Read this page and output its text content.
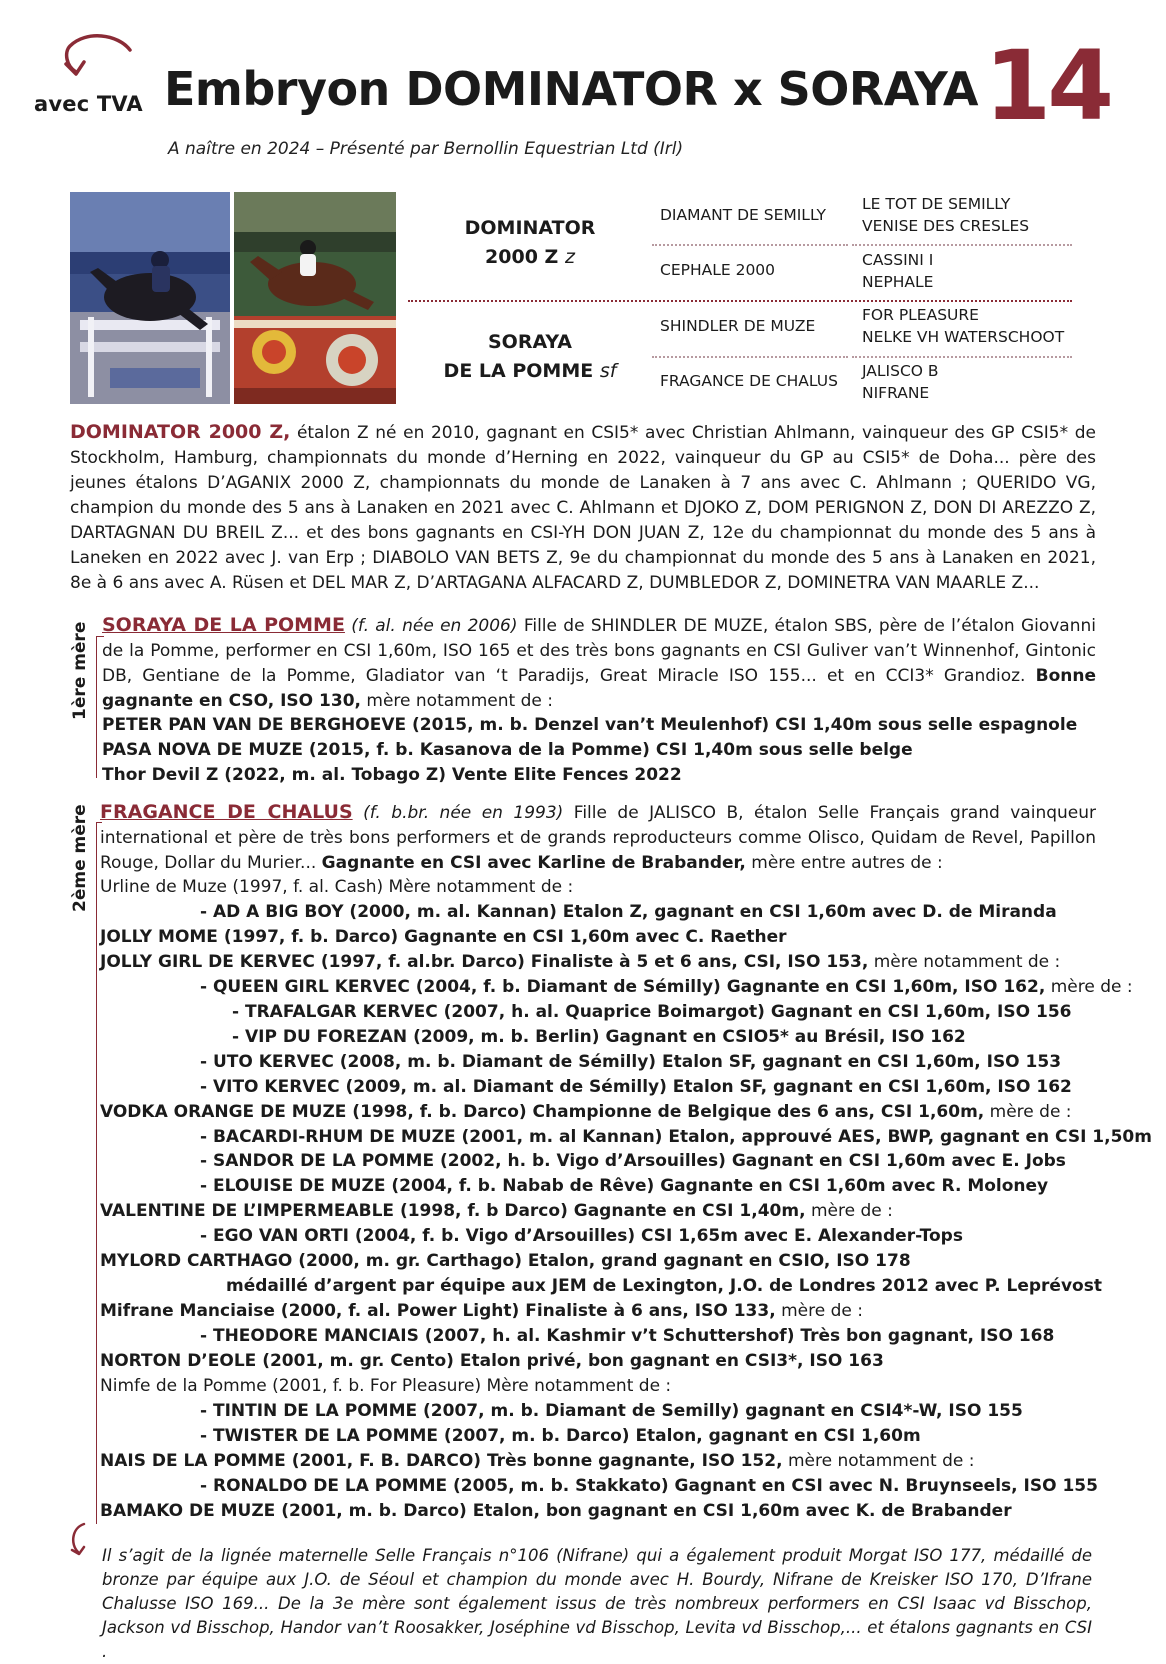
avec TVA Embryon DOMINATOR x SORAYA 14
A naître en 2024 – Présenté par Bernollin Equestrian Ltd (Irl)
DOMINATOR
2000 Z z
SORAYA
DE LA POMME sf
DIAMANT DE SEMILLY
CEPHALE 2000
SHINDLER DE MUZE
FRAGANCE DE CHALUS
LE TOT DE SEMILLY
VENISE DES CRESLES
CASSINI I
NEPHALE
FOR PLEASURE
NELKE VH WATERSCHOOT
JALISCO B
NIFRANE
DOMINATOR 2000 Z, étalon Z né en 2010, gagnant en CSI5* avec Christian Ahlmann, vainqueur des GP CSI5* de Stockholm, Hamburg, championnats du monde d’Herning en 2022, vainqueur du GP au CSI5* de Doha... père des jeunes étalons D’AGANIX 2000 Z, championnats du monde de Lanaken à 7 ans avec C. Ahlmann ; QUERIDO VG, champion du monde des 5 ans à Lanaken en 2021 avec C. Ahlmann et DJOKO Z, DOM PERIGNON Z, DON DI AREZZO Z, DARTAGNAN DU BREIL Z... et des bons gagnants en CSI-YH DON JUAN Z, 12e du championnat du monde des 5 ans à Laneken en 2022 avec J. van Erp ; DIABOLO VAN BETS Z, 9e du championnat du monde des 5 ans à Lanaken en 2021, 8e à 6 ans avec A. Rüsen et DEL MAR Z, D’ARTAGANA ALFACARD Z, DUMBLEDOR Z, DOMINETRA VAN MAARLE Z...
1ère mère SORAYA DE LA POMME (f. al. née en 2006) Fille de SHINDLER DE MUZE, étalon SBS, père de l’étalon Giovanni de la Pomme, performer en CSI 1,60m, ISO 165 et des très bons gagnants en CSI Guliver van’t Winnenhof, Gintonic DB, Gentiane de la Pomme, Gladiator van ‘t Paradijs, Great Miracle ISO 155... et en CCI3* Grandioz. Bonne gagnante en CSO, ISO 130, mère notamment de :
PETER PAN VAN DE BERGHOEVE (2015, m. b. Denzel van’t Meulenhof) CSI 1,40m sous selle espagnole
PASA NOVA DE MUZE (2015, f. b. Kasanova de la Pomme) CSI 1,40m sous selle belge
Thor Devil Z (2022, m. al. Tobago Z) Vente Elite Fences 2022
2ème mère FRAGANCE DE CHALUS (f. b.br. née en 1993) Fille de JALISCO B, étalon Selle Français grand vainqueur international et père de très bons performers et de grands reproducteurs comme Olisco, Quidam de Revel, Papillon Rouge, Dollar du Murier... Gagnante en CSI avec Karline de Brabander, mère entre autres de :
Urline de Muze (1997, f. al. Cash) Mère notamment de :
- AD A BIG BOY (2000, m. al. Kannan) Etalon Z, gagnant en CSI 1,60m avec D. de Miranda
JOLLY MOME (1997, f. b. Darco) Gagnante en CSI 1,60m avec C. Raether
JOLLY GIRL DE KERVEC (1997, f. al.br. Darco) Finaliste à 5 et 6 ans, CSI, ISO 153, mère notamment de :
- QUEEN GIRL KERVEC (2004, f. b. Diamant de Sémilly) Gagnante en CSI 1,60m, ISO 162, mère de :
- TRAFALGAR KERVEC (2007, h. al. Quaprice Boimargot) Gagnant en CSI 1,60m, ISO 156
- VIP DU FOREZAN (2009, m. b. Berlin) Gagnant en CSIO5* au Brésil, ISO 162
- UTO KERVEC (2008, m. b. Diamant de Sémilly) Etalon SF, gagnant en CSI 1,60m, ISO 153
- VITO KERVEC (2009, m. al. Diamant de Sémilly) Etalon SF, gagnant en CSI 1,60m, ISO 162
VODKA ORANGE DE MUZE (1998, f. b. Darco) Championne de Belgique des 6 ans, CSI 1,60m, mère de :
- BACARDI-RHUM DE MUZE (2001, m. al Kannan) Etalon, approuvé AES, BWP, gagnant en CSI 1,50m
- SANDOR DE LA POMME (2002, h. b. Vigo d’Arsouilles) Gagnant en CSI 1,60m avec E. Jobs
- ELOUISE DE MUZE (2004, f. b. Nabab de Rêve) Gagnante en CSI 1,60m avec R. Moloney
VALENTINE DE L’IMPERMEABLE (1998, f. b Darco) Gagnante en CSI 1,40m, mère de :
- EGO VAN ORTI (2004, f. b. Vigo d’Arsouilles) CSI 1,65m avec E. Alexander-Tops
MYLORD CARTHAGO (2000, m. gr. Carthago) Etalon, grand gagnant en CSIO, ISO 178
médaillé d’argent par équipe aux JEM de Lexington, J.O. de Londres 2012 avec P. Leprévost
Mifrane Manciaise (2000, f. al. Power Light) Finaliste à 6 ans, ISO 133, mère de :
- THEODORE MANCIAIS (2007, h. al. Kashmir v’t Schuttershof) Très bon gagnant, ISO 168
NORTON D’EOLE (2001, m. gr. Cento) Etalon privé, bon gagnant en CSI3*, ISO 163
Nimfe de la Pomme (2001, f. b. For Pleasure) Mère notamment de :
- TINTIN DE LA POMME (2007, m. b. Diamant de Semilly) gagnant en CSI4*-W, ISO 155
- TWISTER DE LA POMME (2007, m. b. Darco) Etalon, gagnant en CSI 1,60m
NAIS DE LA POMME (2001, F. B. DARCO) Très bonne gagnante, ISO 152, mère notamment de :
- RONALDO DE LA POMME (2005, m. b. Stakkato) Gagnant en CSI avec N. Bruynseels, ISO 155
BAMAKO DE MUZE (2001, m. b. Darco) Etalon, bon gagnant en CSI 1,60m avec K. de Brabander
Il s’agit de la lignée maternelle Selle Français n°106 (Nifrane) qui a également produit Morgat ISO 177, médaillé de bronze par équipe aux J.O. de Séoul et champion du monde avec H. Bourdy, Nifrane de Kreisker ISO 170, D’Ifrane Chalusse ISO 169... De la 3e mère sont également issus de très nombreux performers en CSI Isaac vd Bisschop, Jackson vd Bisschop, Handor van’t Roosakker, Joséphine vd Bisschop, Levita vd Bisschop,... et étalons gagnants en CSI .
